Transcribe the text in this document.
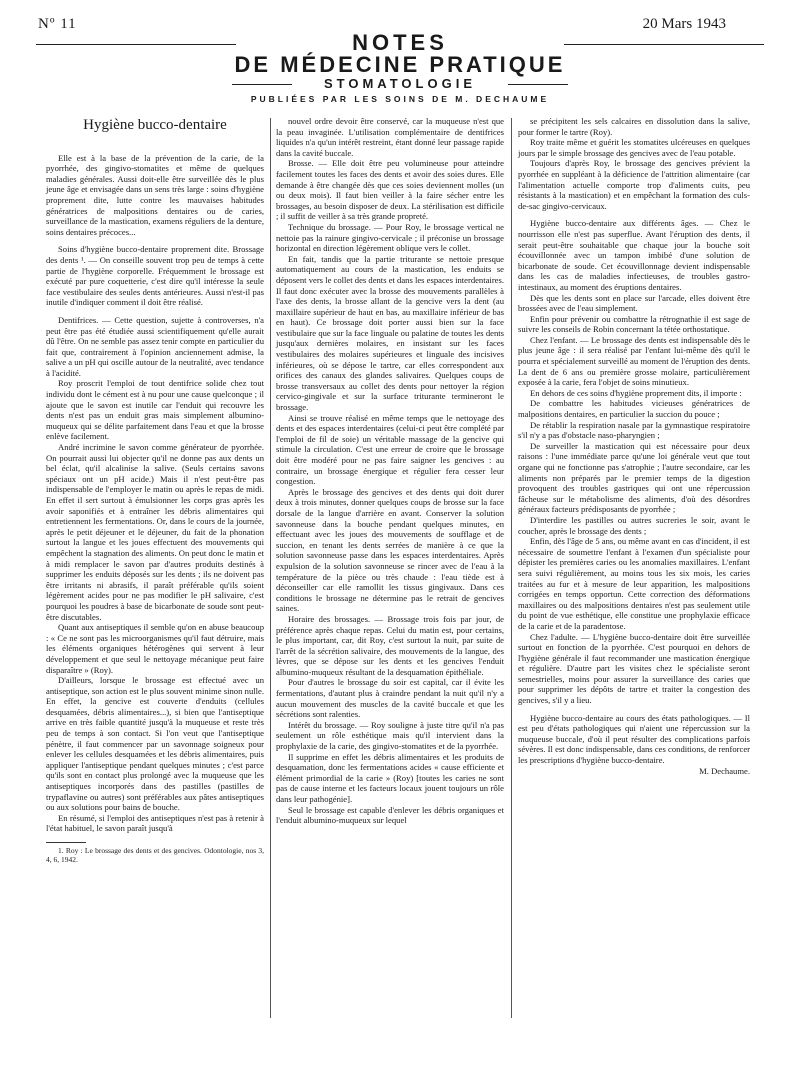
Nº 11	20 Mars 1943
NOTES
DE MÉDECINE PRATIQUE
STOMATOLOGIE
PUBLIÉES PAR LES SOINS DE M. DECHAUME
Hygiène bucco-dentaire

Elle est à la base de la prévention de la carie, de la pyorrhée, des gingivo-stomatites et même de quelques maladies générales. Aussi doit-elle être surveillée dès le plus jeune âge et envisagée dans un sens très large : soins d'hygiène proprement dite, lutte contre les mauvaises habitudes génératrices de malpositions dentaires ou de caries, surveillance de la mastication, examens réguliers de la denture, soins dentaires précoces...

Soins d'hygiène bucco-dentaire proprement dite. Brossage des dents ¹. — On conseille souvent trop peu de temps à cette partie de l'hygiène corporelle. Fréquemment le brossage est exécuté par pure coquetterie, c'est dire qu'il intéresse la seule face vestibulaire des seules dents antérieures. Aussi n'est-il pas inutile d'indiquer comment il doit être réalisé.

Dentifrices. — Cette question, sujette à controverses, n'a peut être pas été étudiée aussi scientifiquement qu'elle aurait dû l'être. On ne semble pas assez tenir compte en particulier du fait que, contrairement à l'opinion anciennement admise, la salive a un pH qui oscille autour de la neutralité, avec tendance à l'acidité.

Roy proscrit l'emploi de tout dentifrice solide chez tout individu dont le cément est à nu pour une cause quelconque ; il ajoute que le savon est inutile car l'enduit qui recouvre les dents n'est pas un enduit gras mais simplement albumino-muqueux qui se délite parfaitement dans l'eau et que la brosse enlève facilement.

André incrimine le savon comme générateur de pyorrhée. On pourrait aussi lui objecter qu'il ne donne pas aux dents un bel éclat, qu'il alcalinise la salive. (Seuls certains savons spéciaux ont un pH acide.) Mais il n'est peut-être pas indispensable de l'employer le matin ou après le repas de midi. En effet il sert surtout à émulsionner les corps gras après les avoir saponifiés et à entraîner les débris alimentaires qui entretiennent les fermentations. Or, dans le cours de la journée, après le petit déjeuner et le déjeuner, du fait de la phonation surtout la langue et les joues effectuent des mouvements qui empêchent la stagnation des aliments. On peut donc le matin et à midi remplacer le savon par d'autres produits destinés à supprimer les enduits déposés sur les dents ; ils ne doivent pas être irritants ni abrasifs, il paraît préférable qu'ils soient légèrement acides pour ne pas modifier le pH salivaire, c'est pourquoi les poudres à base de bicarbonate de soude sont peut-être discutables.

Quant aux antiseptiques il semble qu'on en abuse beaucoup : « Ce ne sont pas les microorganismes qu'il faut détruire, mais les éléments organiques hétérogènes qui servent à leur développement et que seul le nettoyage mécanique peut faire disparaître » (Roy).

D'ailleurs, lorsque le brossage est effectué avec un antiseptique, son action est le plus souvent minime sinon nulle. En effet, la gencive est couverte d'enduits (cellules desquamées, débris alimentaires...), si bien que l'antiseptique arrive en très faible quantité jusqu'à la muqueuse et reste très peu de temps à son contact. Si l'on veut que l'antiseptique pénètre, il faut commencer par un savonnage soigneux pour enlever les cellules desquamées et les débris alimentaires, puis appliquer l'antiseptique pendant quelques minutes ; c'est parce qu'ils sont en contact plus prolongé avec la muqueuse que les antiseptiques incorporés dans des pastilles (pastilles de trypaflavine ou autres) sont préférables aux pâtes antiseptiques ou aux solutions pour bains de bouche.

En résumé, si l'emploi des antiseptiques n'est pas à retenir à l'état habituel, le savon paraît jusqu'à

1. Roy : Le brossage des dents et des gencives. Odontologie, nos 3, 4, 6, 1942.

nouvel ordre devoir être conservé, car la muqueuse n'est que la peau invaginée. L'utilisation complémentaire de dentifrices liquides n'a qu'un intérêt restreint, étant donné leur passage rapide dans la cavité buccale.

Brosse. — Elle doit être peu volumineuse pour atteindre facilement toutes les faces des dents et avoir des soies dures. Elle demande à être changée dès que ces soies deviennent molles (un ou deux mois). Il faut bien veiller à la faire sécher entre les brossages, au besoin disposer de deux. La stérilisation est difficile ; il suffit de veiller à sa très grande propreté.

Technique du brossage. — Pour Roy, le brossage vertical ne nettoie pas la rainure gingivo-cervicale ; il préconise un brossage horizontal en direction légèrement oblique vers le collet.

En fait, tandis que la partie triturante se nettoie presque automatiquement au cours de la mastication, les enduits se déposent vers le collet des dents et dans les espaces interdentaires. Il faut donc exécuter avec la brosse des mouvements parallèles à l'axe des dents, la brosse allant de la gencive vers la dent (au maxillaire supérieur de haut en bas, au maxillaire inférieur de bas en haut). Ce brossage doit porter aussi bien sur la face vestibulaire que sur la face linguale ou palatine de toutes les dents jusqu'aux dernières molaires, en insistant sur les faces vestibulaires des molaires supérieures et linguale des incisives inférieures, où se dépose le tartre, car elles correspondent aux orifices des canaux des glandes salivaires. Quelques coups de brosse transversaux au collet des dents pour nettoyer la région cervico-gingivale et sur la surface triturante termineront le brossage.

Ainsi se trouve réalisé en même temps que le nettoyage des dents et des espaces interdentaires (celui-ci peut être complété par l'emploi de fil de soie) un véritable massage de la gencive qui stimule la circulation. C'est une erreur de croire que le brossage doit être modéré pour ne pas faire saigner les gencives : au contraire, un brossage énergique et régulier fera cesser leur congestion.

Après le brossage des gencives et des dents qui doit durer deux à trois minutes, donner quelques coups de brosse sur la face dorsale de la langue d'arrière en avant. Conserver la solution savonneuse dans la bouche pendant quelques minutes, en effectuant avec les joues des mouvements de soufflage et de succion, en tenant les dents serrées de manière à ce que la solution savonneuse passe dans les espaces interdentaires. Après expulsion de la solution savonneuse se rincer avec de l'eau à la température de la pièce ou très chaude : l'eau tiède est à déconseiller car elle ramollit les tissus gingivaux. Dans ces conditions le brossage ne détermine pas le retrait de gencives saines.

Horaire des brossages. — Brossage trois fois par jour, de préférence après chaque repas. Celui du matin est, pour certains, le plus important, car, dit Roy, c'est surtout la nuit, par suite de l'arrêt de la sécrétion salivaire, des mouvements de la langue, des lèvres, que se dépose sur les dents et les gencives l'enduit albumino-muqueux résultant de la desquamation épithéliale.

Pour d'autres le brossage du soir est capital, car il évite les fermentations, d'autant plus à craindre pendant la nuit qu'il n'y a aucun mouvement des muscles de la cavité buccale et que les sécrétions sont ralenties.

Intérêt du brossage. — Roy souligne à juste titre qu'il n'a pas seulement un rôle esthétique mais qu'il intervient dans la prophylaxie de la carie, des gingivo-stomatites et de la pyorrhée.

Il supprime en effet les débris alimentaires et les produits de desquamation, donc les fermentations acides « cause efficiente et élément primordial de la carie » (Roy) [toutes les caries ne sont pas de cause interne et les facteurs locaux jouent toujours un rôle dans leur pathogénie].

Seul le brossage est capable d'enlever les débris organiques et l'enduit albumino-muqueux sur lequel

se précipitent les sels calcaires en dissolution dans la salive, pour former le tartre (Roy).

Roy traite même et guérit les stomatites ulcéreuses en quelques jours par le simple brossage des gencives avec de l'eau potable.

Toujours d'après Roy, le brossage des gencives prévient la pyorrhée en suppléant à la déficience de l'attrition alimentaire (car l'alimentation actuelle comporte trop d'aliments cuits, peu résistants à la mastication) et en empêchant la formation des culs-de-sac gingivo-cervicaux.

Hygiène bucco-dentaire aux différents âges. — Chez le nourrisson elle n'est pas superflue. Avant l'éruption des dents, il serait peut-être souhaitable que chaque jour la bouche soit écouvillonnée avec un tampon imbibé d'une solution de bicarbonate de soude. Cet écouvillonnage devient indispensable dans les cas de maladies infectieuses, de troubles gastro-intestinaux, au moment des éruptions dentaires.

Dès que les dents sont en place sur l'arcade, elles doivent être brossées avec de l'eau simplement.

Enfin pour prévenir ou combattre la rétrognathie il est sage de suivre les conseils de Robin concernant la tétée orthostatique.

Chez l'enfant. — Le brossage des dents est indispensable dès le plus jeune âge : il sera réalisé par l'enfant lui-même dès qu'il le pourra et spécialement surveillé au moment de l'éruption des dents. La dent de 6 ans ou première grosse molaire, particulièrement exposée à la carie, fera l'objet de soins minutieux.

En dehors de ces soins d'hygiène proprement dits, il importe :

De combattre les habitudes vicieuses génératrices de malpositions dentaires, en particulier la succion du pouce ;

De rétablir la respiration nasale par la gymnastique respiratoire s'il n'y a pas d'obstacle naso-pharyngien ;

De surveiller la mastication qui est nécessaire pour deux raisons : l'une immédiate parce qu'une loi générale veut que tout organe qui ne fonctionne pas s'atrophie ; l'autre secondaire, car les aliments non préparés par le premier temps de la digestion provoquent des troubles gastriques qui ont une répercussion fâcheuse sur le métabolisme des aliments, d'où des désordres généraux facteurs prédisposants de pyorrhée ;

D'interdire les pastilles ou autres sucreries le soir, avant le coucher, après le brossage des dents ;

Enfin, dès l'âge de 5 ans, ou même avant en cas d'incident, il est nécessaire de soumettre l'enfant à l'examen d'un spécialiste pour dépister les premières caries ou les anomalies maxillaires. L'enfant sera suivi régulièrement, au moins tous les six mois, les caries traitées au fur et à mesure de leur apparition, les malpositions corrigées en temps opportun. Cette correction des déformations maxillaires ou des malpositions dentaires n'est pas seulement utile du point de vue esthétique, elle constitue une prophylaxie efficace de la carie et de la paradentose.

Chez l'adulte. — L'hygiène bucco-dentaire doit être surveillée surtout en fonction de la pyorrhée. C'est pourquoi en dehors de l'hygiène générale il faut recommander une mastication énergique et régulière. D'autre part les visites chez le spécialiste seront semestrielles, moins pour assurer la surveillance des caries que pour supprimer les dépôts de tartre et traiter la congestion des gencives, s'il y a lieu.

Hygiène bucco-dentaire au cours des états pathologiques. — Il est peu d'états pathologiques qui n'aient une répercussion sur la muqueuse buccale, d'où il peut résulter des complications parfois sévères. Il est donc indispensable, dans ces conditions, de renforcer les prescriptions d'hygiène bucco-dentaire.

M. Dechaume.
